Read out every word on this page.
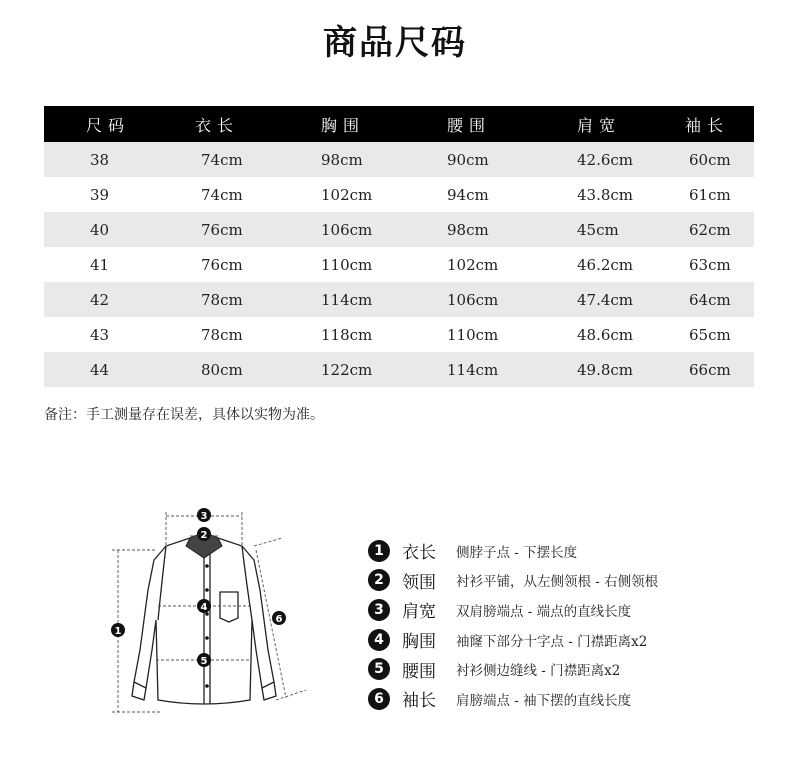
商品尺码
尺码	衣长	胸围	腰围	肩宽	袖长
38	74cm	98cm	90cm	42.6cm	60cm
39	74cm	102cm	94cm	43.8cm	61cm
40	76cm	106cm	98cm	45cm	62cm
41	76cm	110cm	102cm	46.2cm	63cm
42	78cm	114cm	106cm	47.4cm	64cm
43	78cm	118cm	110cm	48.6cm	65cm
44	80cm	122cm	114cm	49.8cm	66cm
备注：手工测量存在误差，具体以实物为准。
1
2
3
4
5
6
1	衣长	侧脖子点 - 下摆长度
2	领围	衬衫平铺，从左侧领根 - 右侧领根
3	肩宽	双肩膀端点 - 端点的直线长度
4	胸围	袖窿下部分十字点 - 门襟距离x2
5	腰围	衬衫侧边缝线 - 门襟距离x2
6	袖长	肩膀端点 - 袖下摆的直线长度
